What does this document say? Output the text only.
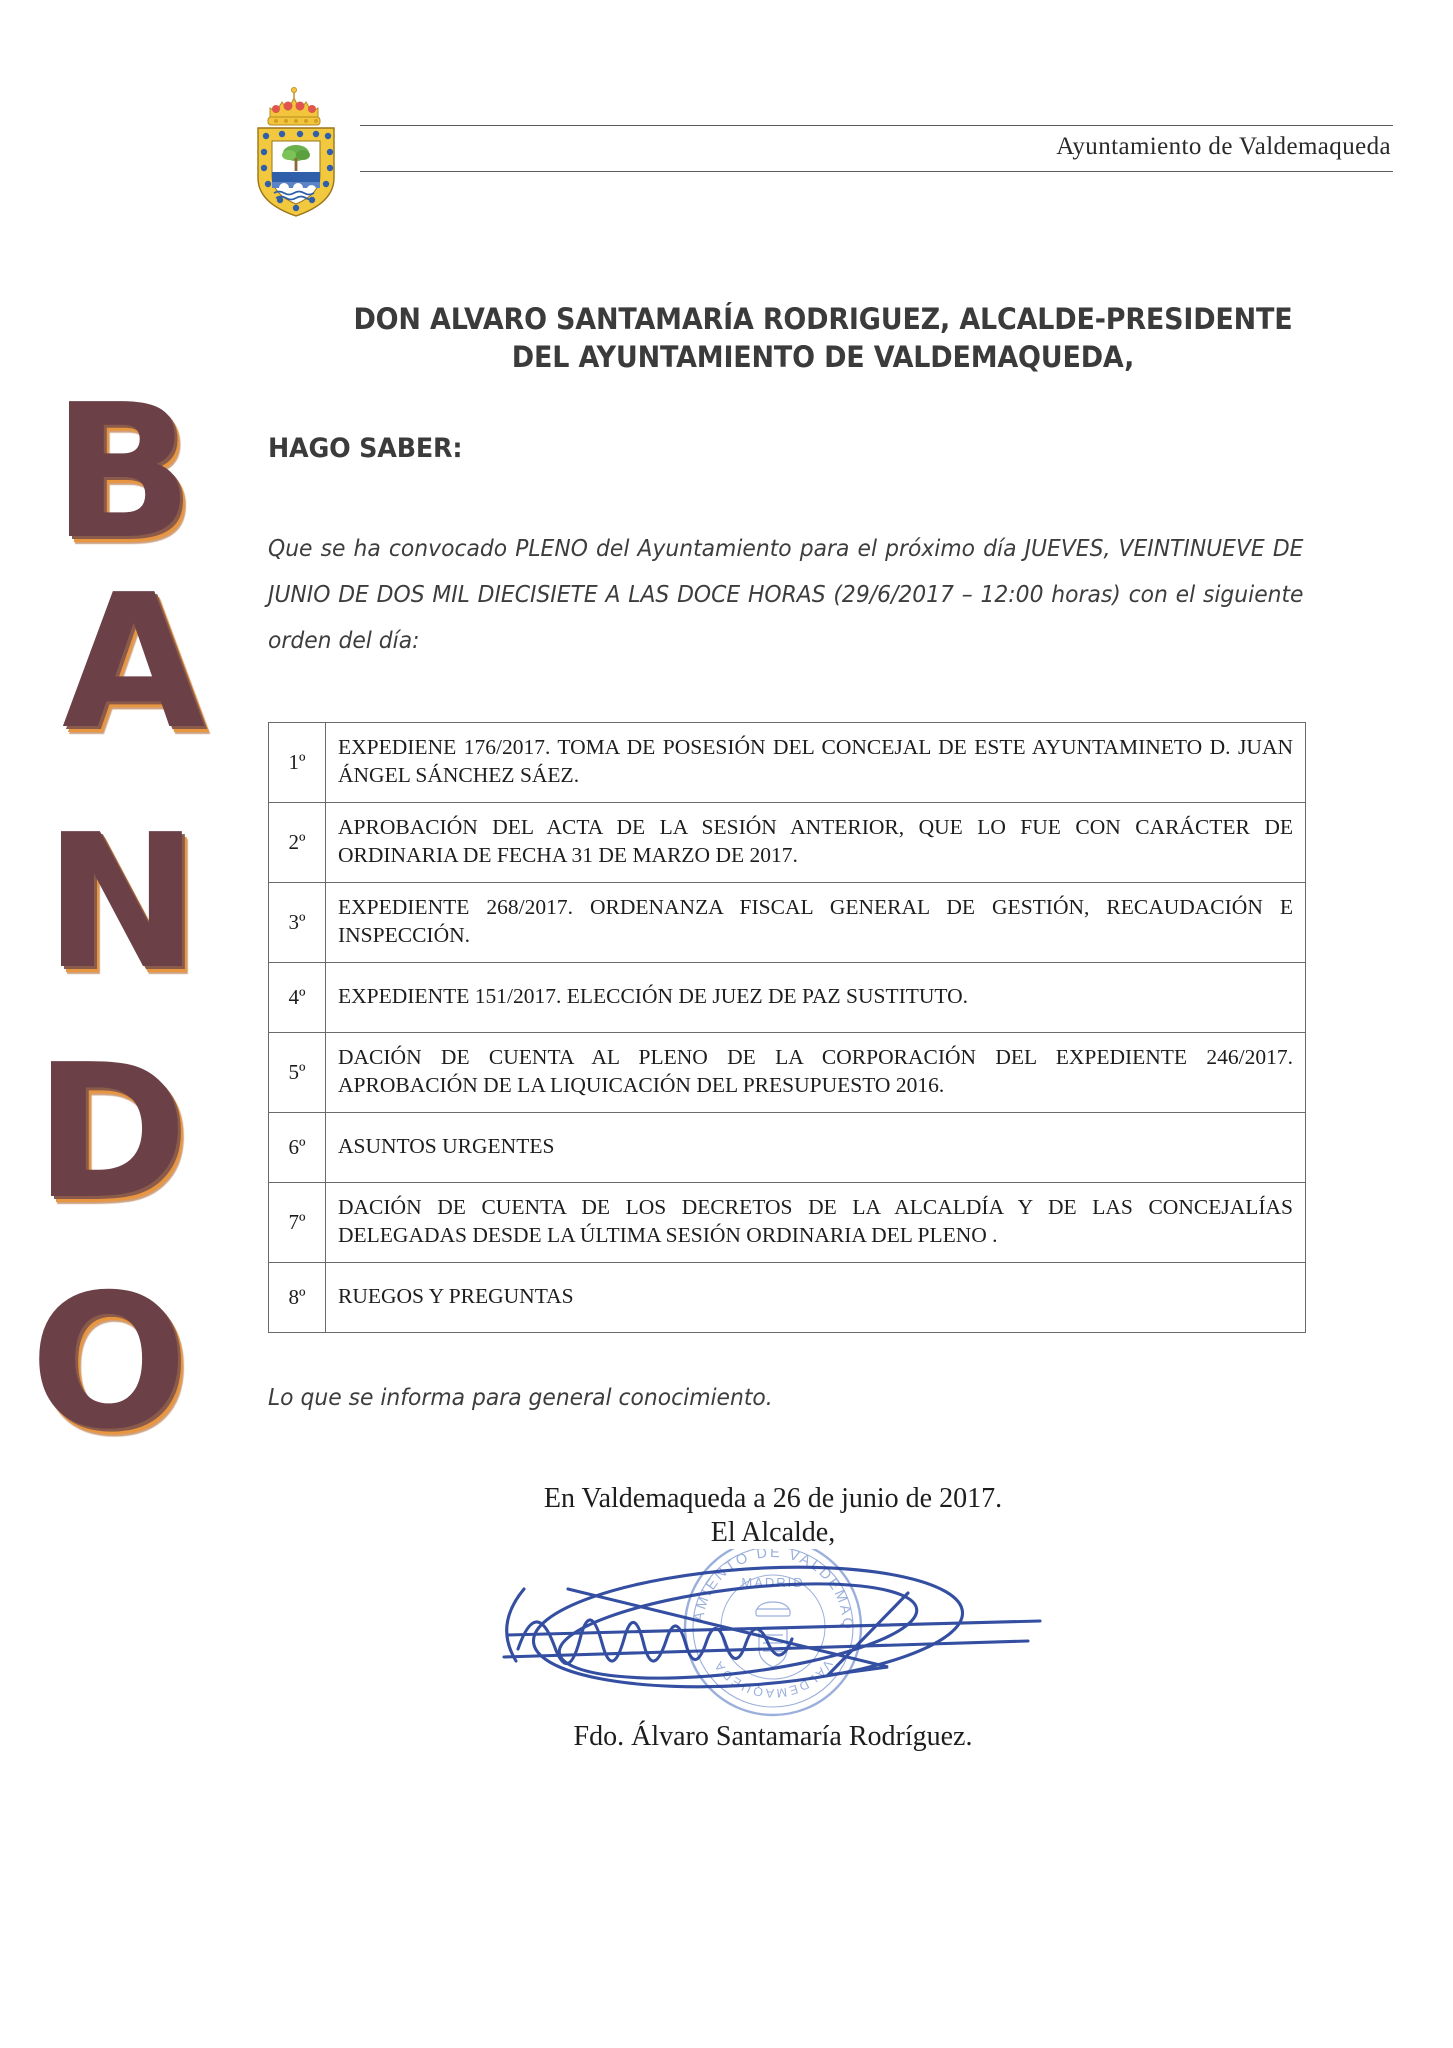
B
A
N
D
O
Ayuntamiento de Valdemaqueda
DON ALVARO SANTAMARÍA RODRIGUEZ, ALCALDE-PRESIDENTE DEL AYUNTAMIENTO DE VALDEMAQUEDA,
HAGO SABER:
Que se ha convocado PLENO del Ayuntamiento para el próximo día JUEVES, VEINTINUEVE DE JUNIO DE DOS MIL DIECISIETE A LAS DOCE HORAS (29/6/2017 – 12:00 horas) con el siguiente orden del día:
1º	EXPEDIENE 176/2017. TOMA DE POSESIÓN DEL CONCEJAL DE ESTE AYUNTAMINETO D. JUAN ÁNGEL SÁNCHEZ SÁEZ.
2º	APROBACIÓN DEL ACTA DE LA SESIÓN ANTERIOR, QUE LO FUE CON CARÁCTER DE ORDINARIA DE FECHA 31 DE MARZO DE 2017.
3º	EXPEDIENTE 268/2017. ORDENANZA FISCAL GENERAL DE GESTIÓN, RECAUDACIÓN E INSPECCIÓN.
4º	EXPEDIENTE 151/2017. ELECCIÓN DE JUEZ DE PAZ SUSTITUTO.
5º	DACIÓN DE CUENTA AL PLENO DE LA CORPORACIÓN DEL EXPEDIENTE 246/2017. APROBACIÓN DE LA LIQUICACIÓN DEL PRESUPUESTO 2016.
6º	ASUNTOS URGENTES
7º	DACIÓN DE CUENTA DE LOS DECRETOS DE LA ALCALDÍA Y DE LAS CONCEJALÍAS DELEGADAS DESDE LA ÚLTIMA SESIÓN ORDINARIA DEL PLENO .
8º	RUEGOS Y PREGUNTAS
Lo que se informa para general conocimiento.
En Valdemaqueda a 26 de junio de 2017.
El Alcalde,
AYUNTAMIENTO DE VALDEMAQUEDA
VALDEMAQUEDA
MADRID
Fdo. Álvaro Santamaría Rodríguez.
